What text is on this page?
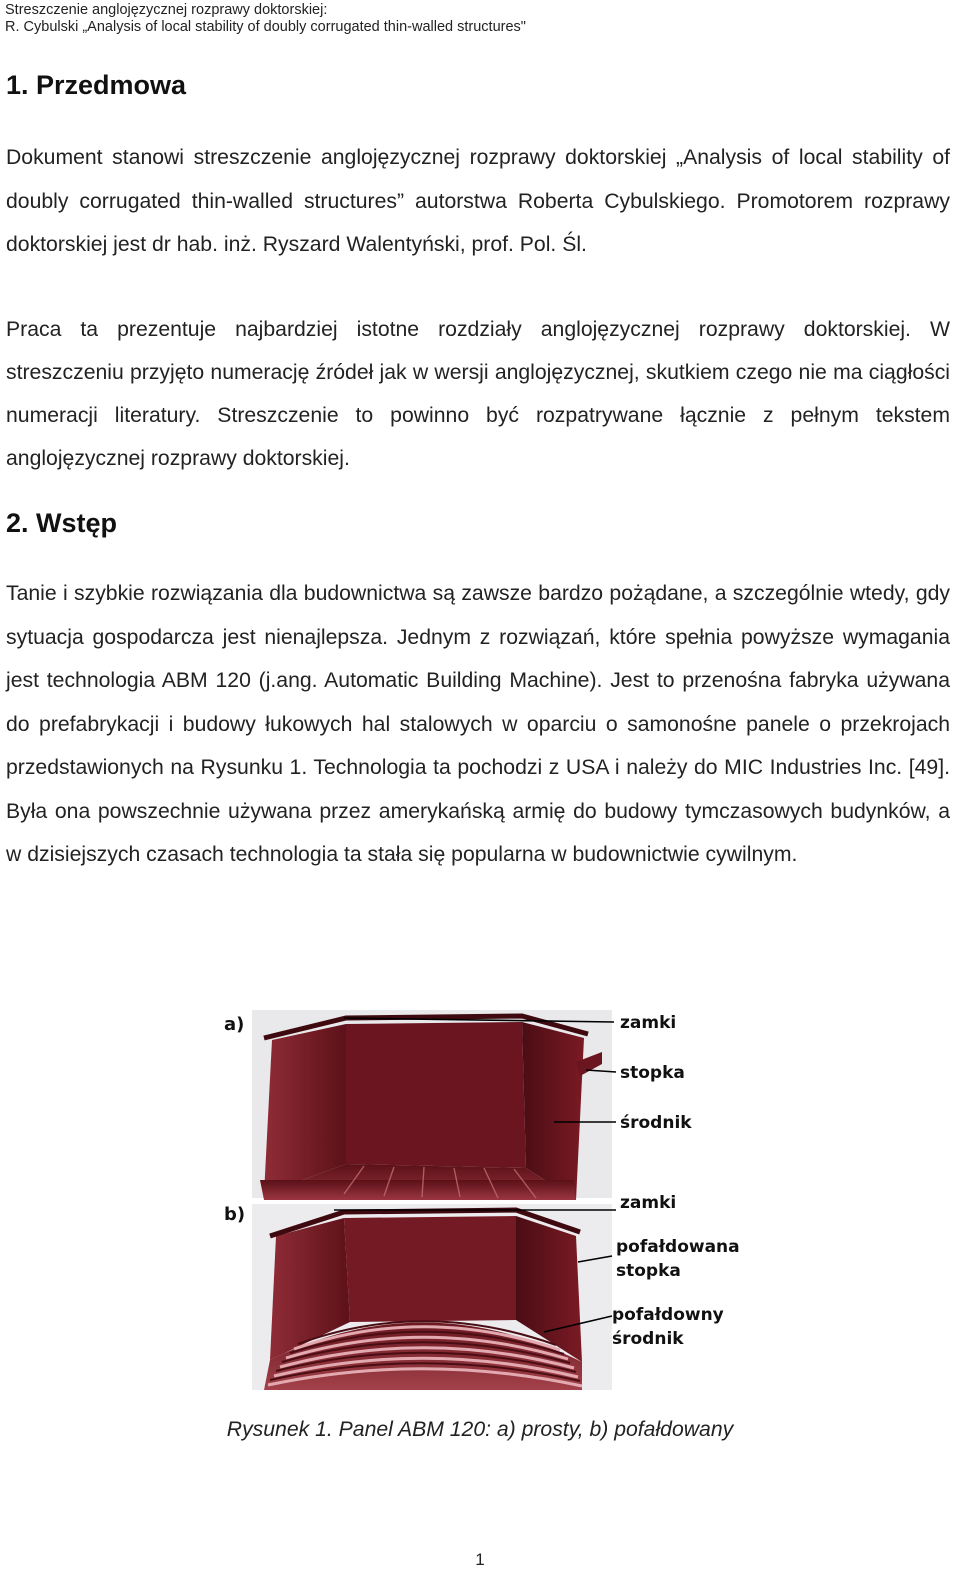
Streszczenie anglojęzycznej rozprawy doktorskiej:
R. Cybulski „Analysis of local stability of doubly corrugated thin-walled structures"
1. Przedmowa

Dokument stanowi streszczenie anglojęzycznej rozprawy doktorskiej „Analysis of local stability of doubly corrugated thin-walled structures” autorstwa Roberta Cybulskiego. Promotorem rozprawy doktorskiej jest dr hab. inż. Ryszard Walentyński, prof. Pol. Śl.

Praca ta prezentuje najbardziej istotne rozdziały anglojęzycznej rozprawy doktorskiej. W streszczeniu przyjęto numerację źródeł jak w wersji anglojęzycznej, skutkiem czego nie ma ciągłości numeracji literatury. Streszczenie to powinno być rozpatrywane łącznie z pełnym tekstem anglojęzycznej rozprawy doktorskiej.

2. Wstęp

Tanie i szybkie rozwiązania dla budownictwa są zawsze bardzo pożądane, a szczególnie wtedy, gdy sytuacja gospodarcza jest nienajlepsza. Jednym z rozwiązań, które spełnia powyższe wymagania jest technologia ABM 120 (j.ang. Automatic Building Machine). Jest to przenośna fabryka używana do prefabrykacji i budowy łukowych hal stalowych w oparciu o samonośne panele o przekrojach przedstawionych na Rysunku 1. Technologia ta pochodzi z USA i należy do MIC Industries Inc. [49]. Była ona powszechnie używana przez amerykańską armię do budowy tymczasowych budynków, a w dzisiejszych czasach technologia ta stała się popularna w budownictwie cywilnym.

a)	zamki
stopka
środnik
b)
zamki
pofałdowana
stopka
pofałdowny
środnik
Rysunek 1. Panel ABM 120: a) prosty, b) pofałdowany
1
